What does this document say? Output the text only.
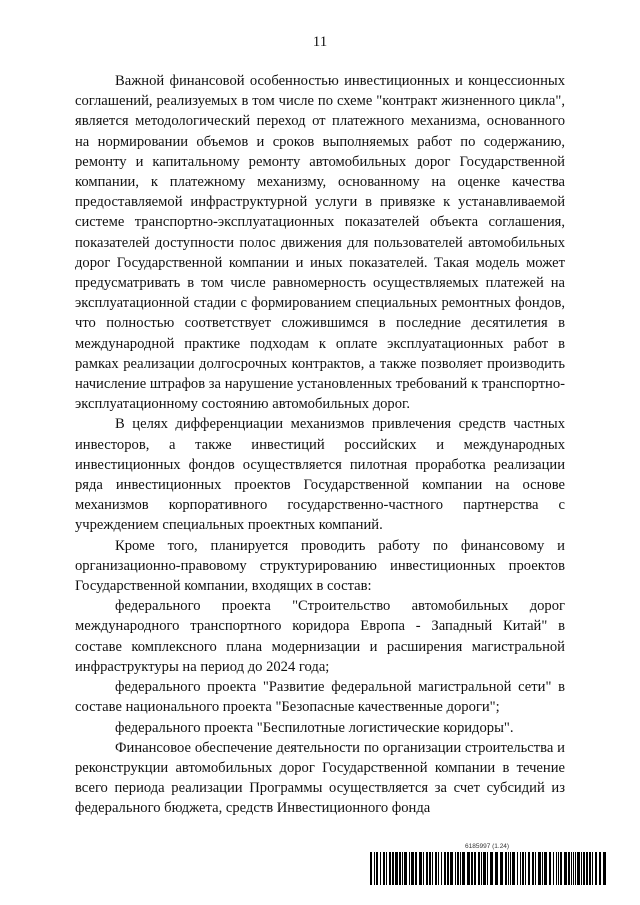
11

Важной финансовой особенностью инвестиционных и концессионных соглашений, реализуемых в том числе по схеме "контракт жизненного цикла", является методологический переход от платежного механизма, основанного на нормировании объемов и сроков выполняемых работ по содержанию, ремонту и капитальному ремонту автомобильных дорог Государственной компании, к платежному механизму, основанному на оценке качества предоставляемой инфраструктурной услуги в привязке к устанавливаемой системе транспортно-эксплуатационных показателей объекта соглашения, показателей доступности полос движения для пользователей автомобильных дорог Государственной компании и иных показателей. Такая модель может предусматривать в том числе равномерность осуществляемых платежей на эксплуатационной стадии с формированием специальных ремонтных фондов, что полностью соответствует сложившимся в последние десятилетия в международной практике подходам к оплате эксплуатационных работ в рамках реализации долгосрочных контрактов, а также позволяет производить начисление штрафов за нарушение установленных требований к транспортно-эксплуатационному состоянию автомобильных дорог.

В целях дифференциации механизмов привлечения средств частных инвесторов, а также инвестиций российских и международных инвестиционных фондов осуществляется пилотная проработка реализации ряда инвестиционных проектов Государственной компании на основе механизмов корпоративного государственно-частного партнерства с учреждением специальных проектных компаний.

Кроме того, планируется проводить работу по финансовому и организационно-правовому структурированию инвестиционных проектов Государственной компании, входящих в состав:

федерального проекта "Строительство автомобильных дорог международного транспортного коридора Европа - Западный Китай" в составе комплексного плана модернизации и расширения магистральной инфраструктуры на период до 2024 года;

федерального проекта "Развитие федеральной магистральной сети" в составе национального проекта "Безопасные качественные дороги";

федерального проекта "Беспилотные логистические коридоры".

Финансовое обеспечение деятельности по организации строительства и реконструкции автомобильных дорог Государственной компании в течение всего периода реализации Программы осуществляется за счет субсидий из федерального бюджета, средств Инвестиционного фонда

6185997 (1.24)
